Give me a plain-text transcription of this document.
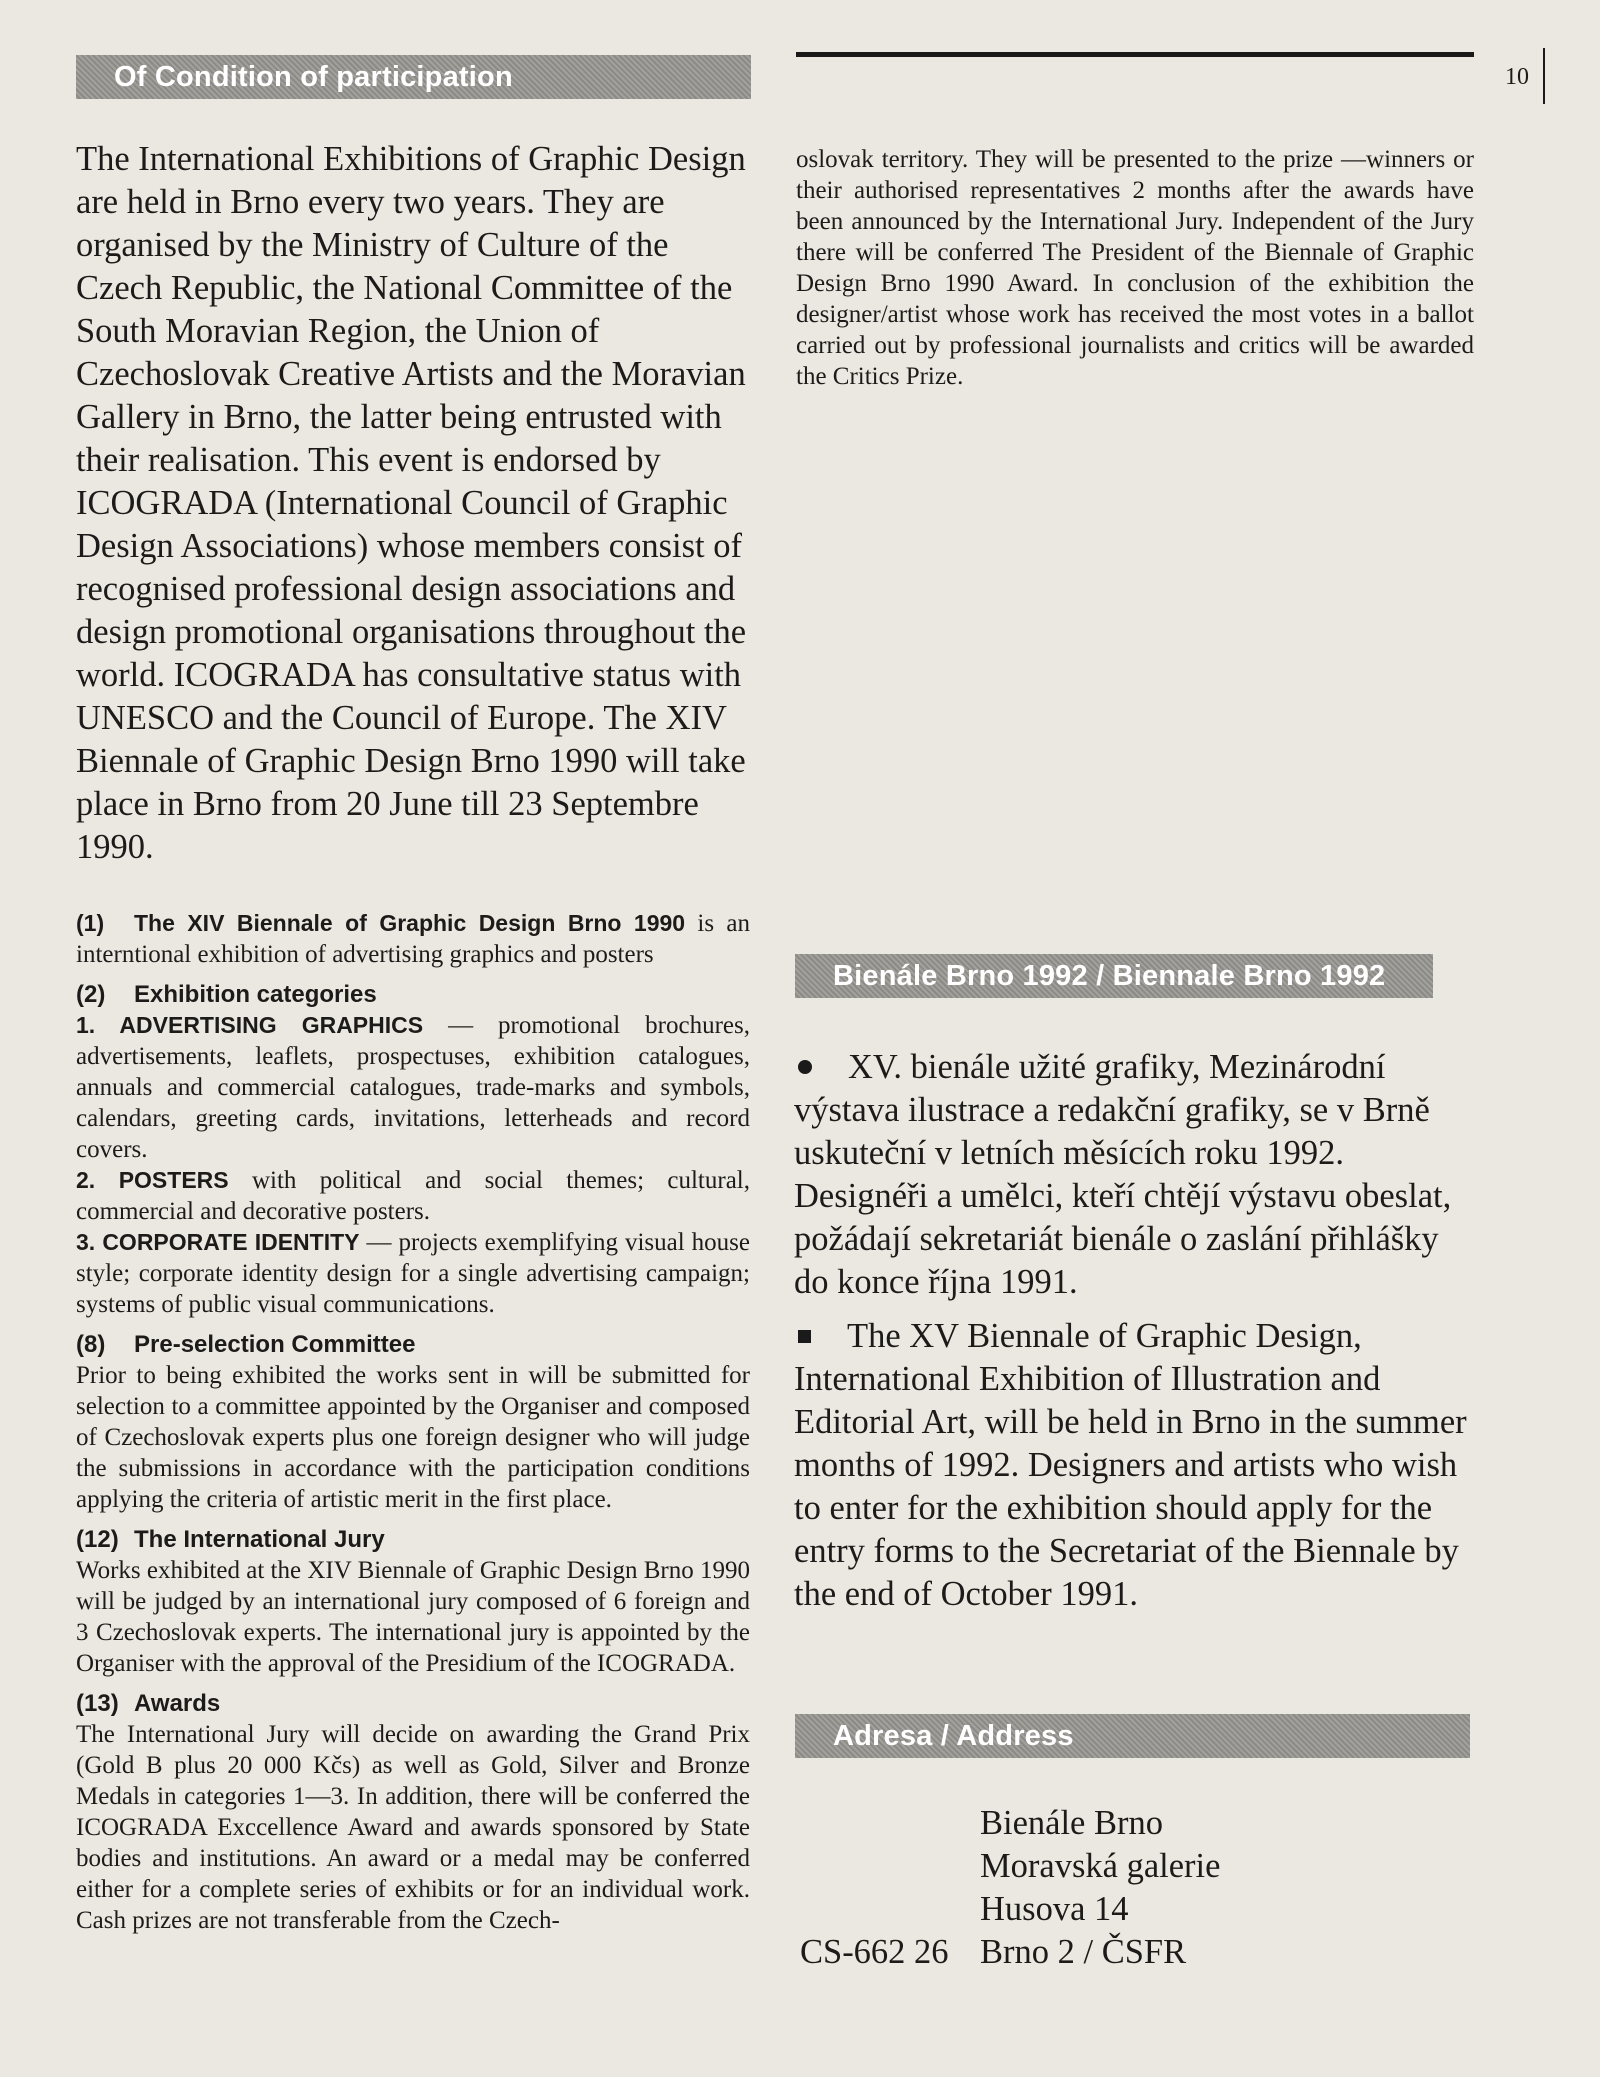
10
Of Condition of participation

The International Exhibitions of Graphic Design are held in Brno every two years. They are organised by the Ministry of Culture of the Czech Republic, the National Committee of the South Moravian Region, the Union of Czechoslovak Creative Artists and the Moravian Gallery in Brno, the latter being entrusted with their realisation. This event is endorsed by ICOGRADA (International Council of Graphic Design Associations) whose members consist of recognised professional design associations and design promotional organisations throughout the world. ICOGRADA has consultative status with UNESCO and the Council of Europe. The XIV Biennale of Graphic Design Brno 1990 will take place in Brno from 20 June till 23 Septembre 1990.

(1) The XIV Biennale of Graphic Design Brno 1990 is an interntional exhibition of advertising graphics and posters

(2) Exhibition categories

1. ADVERTISING GRAPHICS — promotional brochures, advertisements, leaflets, prospectuses, exhibition catalogues, annuals and commercial catalogues, trade-marks and symbols, calendars, greeting cards, invitations, letterheads and record covers.
2. POSTERS with political and social themes; cultural, commercial and decorative posters.
3. CORPORATE IDENTITY — projects exemplifying visual house style; corporate identity design for a single advertising campaign; systems of public visual communications.

(8) Pre-selection Committee

Prior to being exhibited the works sent in will be submitted for selection to a committee appointed by the Organiser and composed of Czechoslovak experts plus one foreign designer who will judge the submissions in accordance with the participation conditions applying the criteria of artistic merit in the first place.

(12) The International Jury

Works exhibited at the XIV Biennale of Graphic Design Brno 1990 will be judged by an international jury composed of 6 foreign and 3 Czechoslovak experts. The international jury is appointed by the Organiser with the approval of the Presidium of the ICOGRADA.

(13) Awards

The International Jury will decide on awarding the Grand Prix (Gold B plus 20 000 Kčs) as well as Gold, Silver and Bronze Medals in categories 1—3. In addition, there will be conferred the ICOGRADA Exccellence Award and awards sponsored by State bodies and institutions. An award or a medal may be conferred either for a complete series of exhibits or for an individual work. Cash prizes are not transferable from the Czech-

oslovak territory. They will be presented to the prize —winners or their authorised representatives 2 months after the awards have been announced by the International Jury. Independent of the Jury there will be conferred The President of the Biennale of Graphic Design Brno 1990 Award. In conclusion of the exhibition the designer/artist whose work has received the most votes in a ballot carried out by professional journalists and critics will be awarded the Critics Prize.

Bienále Brno 1992 / Biennale Brno 1992

XV. bienále užité grafiky, Mezinárodní výstava ilustrace a redakční grafiky, se v Brně uskuteční v letních měsících roku 1992. Designéři a umělci, kteří chtějí výstavu obeslat, požádají sekretariát bienále o zaslání přihlášky do konce října 1991.

The XV Biennale of Graphic Design, International Exhibition of Illustration and Editorial Art, will be held in Brno in the summer months of 1992. Designers and artists who wish to enter for the exhibition should apply for the entry forms to the Secretariat of the Biennale by the end of October 1991.

Adresa / Address
Bienále Brno
Moravská galerie
Husova 14
CS-662 26 Brno 2 / ČSFR
